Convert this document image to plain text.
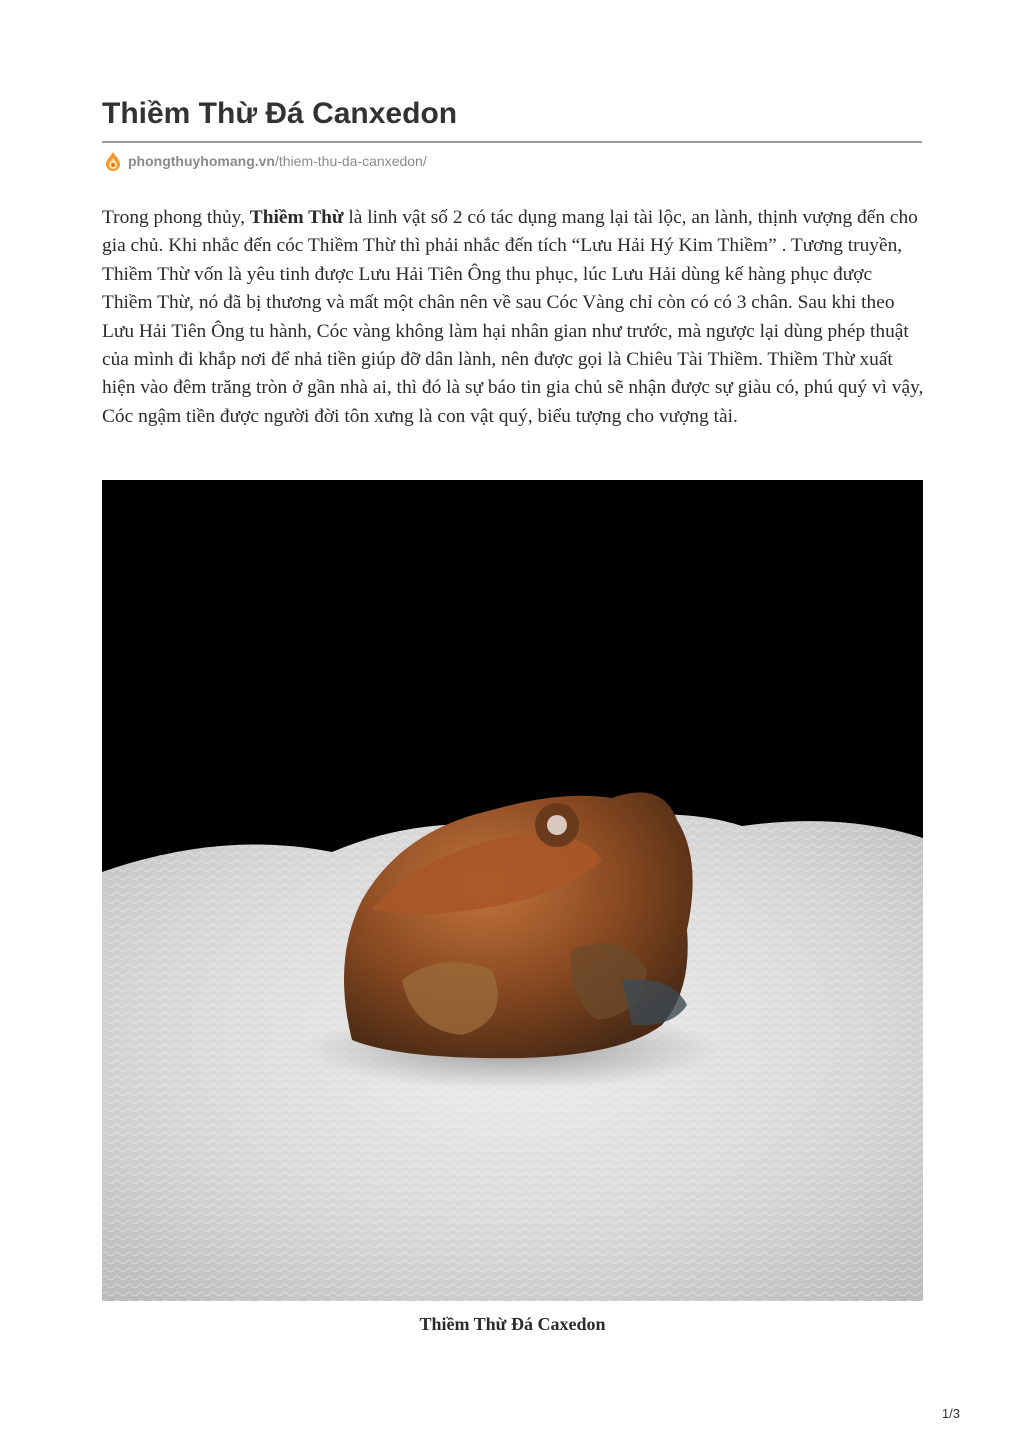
Thiềm Thừ Đá Canxedon
phongthuyhomang.vn /thiem-thu-da-canxedon/

Trong phong thủy, Thiềm Thừ là linh vật số 2 có tác dụng mang lại tài lộc, an lành, thịnh vượng đến cho gia chủ. Khi nhắc đến cóc Thiềm Thừ thì phải nhắc đến tích “Lưu Hải Hý Kim Thiềm” . Tương truyền, Thiềm Thừ vốn là yêu tinh được Lưu Hải Tiên Ông thu phục, lúc Lưu Hải dùng kế hàng phục được Thiềm Thừ, nó đã bị thương và mất một chân nên về sau Cóc Vàng chỉ còn có có 3 chân. Sau khi theo Lưu Hải Tiên Ông tu hành, Cóc vàng không làm hại nhân gian như trước, mà ngược lại dùng phép thuật của mình đi khắp nơi để nhả tiền giúp đỡ dân lành, nên được gọi là Chiêu Tài Thiềm. Thiềm Thừ xuất hiện vào đêm trăng tròn ở gần nhà ai, thì đó là sự báo tin gia chủ sẽ nhận được sự giàu có, phú quý vì vậy, Cóc ngậm tiền được người đời tôn xưng là con vật quý, biểu tượng cho vượng tài.

Thiềm Thừ Đá Caxedon
1/3
